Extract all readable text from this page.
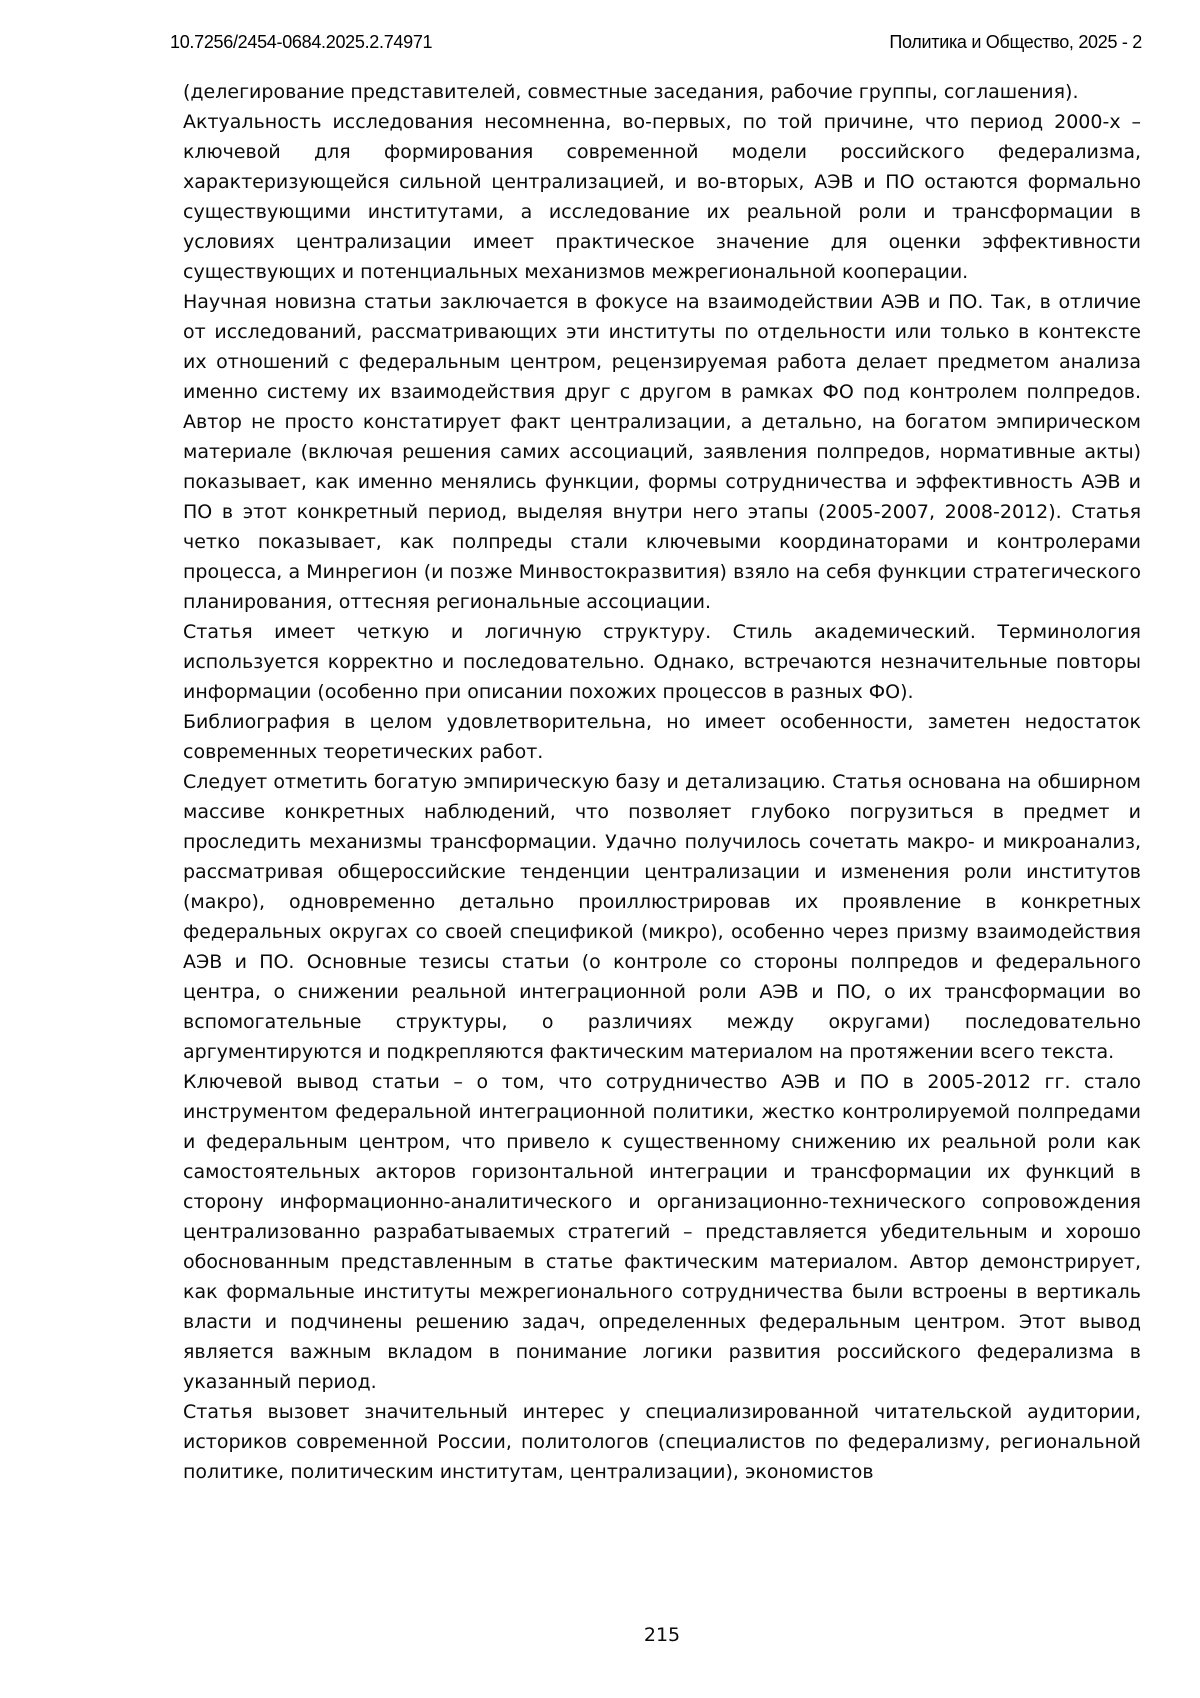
10.7256/2454-0684.2025.2.74971	Политика и Общество, 2025 - 2

(делегирование представителей, совместные заседания, рабочие группы, соглашения).

Актуальность исследования несомненна, во-первых, по той причине, что период 2000-х – ключевой для формирования современной модели российского федерализма, характеризующейся сильной централизацией, и во-вторых, АЭВ и ПО остаются формально существующими институтами, а исследование их реальной роли и трансформации в условиях централизации имеет практическое значение для оценки эффективности существующих и потенциальных механизмов межрегиональной кооперации.

Научная новизна статьи заключается в фокусе на взаимодействии АЭВ и ПО. Так, в отличие от исследований, рассматривающих эти институты по отдельности или только в контексте их отношений с федеральным центром, рецензируемая работа делает предметом анализа именно систему их взаимодействия друг с другом в рамках ФО под контролем полпредов. Автор не просто констатирует факт централизации, а детально, на богатом эмпирическом материале (включая решения самих ассоциаций, заявления полпредов, нормативные акты) показывает, как именно менялись функции, формы сотрудничества и эффективность АЭВ и ПО в этот конкретный период, выделяя внутри него этапы (2005-2007, 2008-2012). Статья четко показывает, как полпреды стали ключевыми координаторами и контролерами процесса, а Минрегион (и позже Минвостокразвития) взяло на себя функции стратегического планирования, оттесняя региональные ассоциации.

Статья имеет четкую и логичную структуру. Стиль академический. Терминология используется корректно и последовательно. Однако, встречаются незначительные повторы информации (особенно при описании похожих процессов в разных ФО).

Библиография в целом удовлетворительна, но имеет особенности, заметен недостаток современных теоретических работ.

Следует отметить богатую эмпирическую базу и детализацию. Статья основана на обширном массиве конкретных наблюдений, что позволяет глубоко погрузиться в предмет и проследить механизмы трансформации. Удачно получилось сочетать макро- и микроанализ, рассматривая общероссийские тенденции централизации и изменения роли институтов (макро), одновременно детально проиллюстрировав их проявление в конкретных федеральных округах со своей спецификой (микро), особенно через призму взаимодействия АЭВ и ПО. Основные тезисы статьи (о контроле со стороны полпредов и федерального центра, о снижении реальной интеграционной роли АЭВ и ПО, о их трансформации во вспомогательные структуры, о различиях между округами) последовательно аргументируются и подкрепляются фактическим материалом на протяжении всего текста.

Ключевой вывод статьи – о том, что сотрудничество АЭВ и ПО в 2005-2012 гг. стало инструментом федеральной интеграционной политики, жестко контролируемой полпредами и федеральным центром, что привело к существенному снижению их реальной роли как самостоятельных акторов горизонтальной интеграции и трансформации их функций в сторону информационно-аналитического и организационно-технического сопровождения централизованно разрабатываемых стратегий – представляется убедительным и хорошо обоснованным представленным в статье фактическим материалом. Автор демонстрирует, как формальные институты межрегионального сотрудничества были встроены в вертикаль власти и подчинены решению задач, определенных федеральным центром. Этот вывод является важным вкладом в понимание логики развития российского федерализма в указанный период.

Статья вызовет значительный интерес у специализированной читательской аудитории, историков современной России, политологов (специалистов по федерализму, региональной политике, политическим институтам, централизации), экономистов

215
